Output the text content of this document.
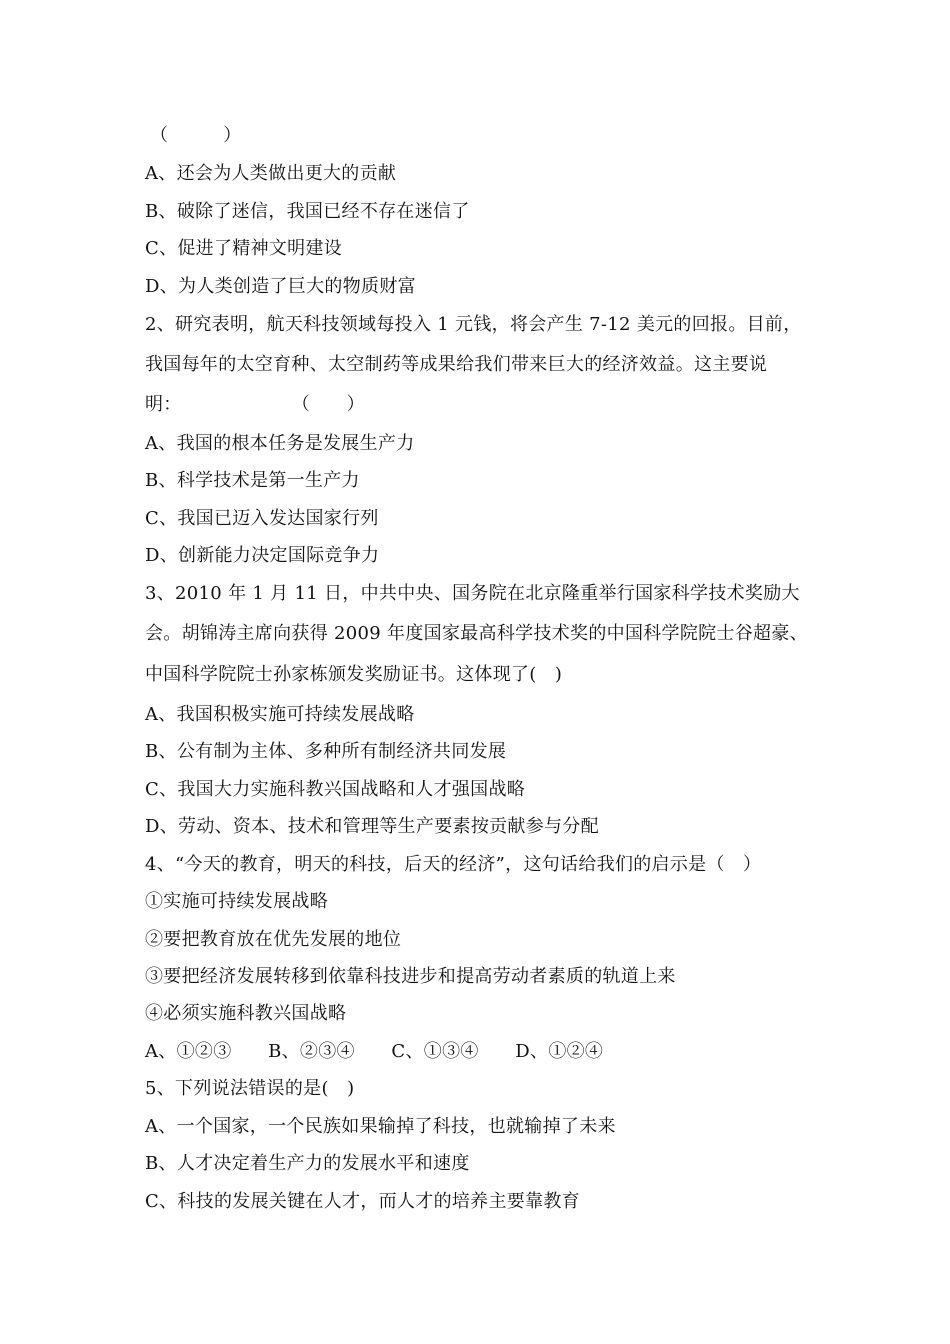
（　　　）
A、还会为人类做出更大的贡献
B、破除了迷信，我国已经不存在迷信了
C、促进了精神文明建设
D、为人类创造了巨大的物质财富
2、研究表明，航天科技领域每投入 1 元钱，将会产生 7-12 美元的回报。目前，
我国每年的太空育种、太空制药等成果给我们带来巨大的经济效益。这主要说
明：　　　　　　　（　　）
A、我国的根本任务是发展生产力
B、科学技术是第一生产力
C、我国已迈入发达国家行列
D、创新能力决定国际竞争力
3、2010 年 1 月 11 日，中共中央、国务院在北京隆重举行国家科学技术奖励大
会。胡锦涛主席向获得 2009 年度国家最高科学技术奖的中国科学院院士谷超豪、
中国科学院院士孙家栋颁发奖励证书。这体现了(　)
A、我国积极实施可持续发展战略
B、公有制为主体、多种所有制经济共同发展
C、我国大力实施科教兴国战略和人才强国战略
D、劳动、资本、技术和管理等生产要素按贡献参与分配
4、“今天的教育，明天的科技，后天的经济”，这句话给我们的启示是（　）
①实施可持续发展战略
②要把教育放在优先发展的地位
③要把经济发展转移到依靠科技进步和提高劳动者素质的轨道上来
④必须实施科教兴国战略
A、①②③　　B、②③④　　C、①③④　　D、①②④
5、下列说法错误的是(　)
A、一个国家，一个民族如果输掉了科技，也就输掉了未来
B、人才决定着生产力的发展水平和速度
C、科技的发展关键在人才，而人才的培养主要靠教育
